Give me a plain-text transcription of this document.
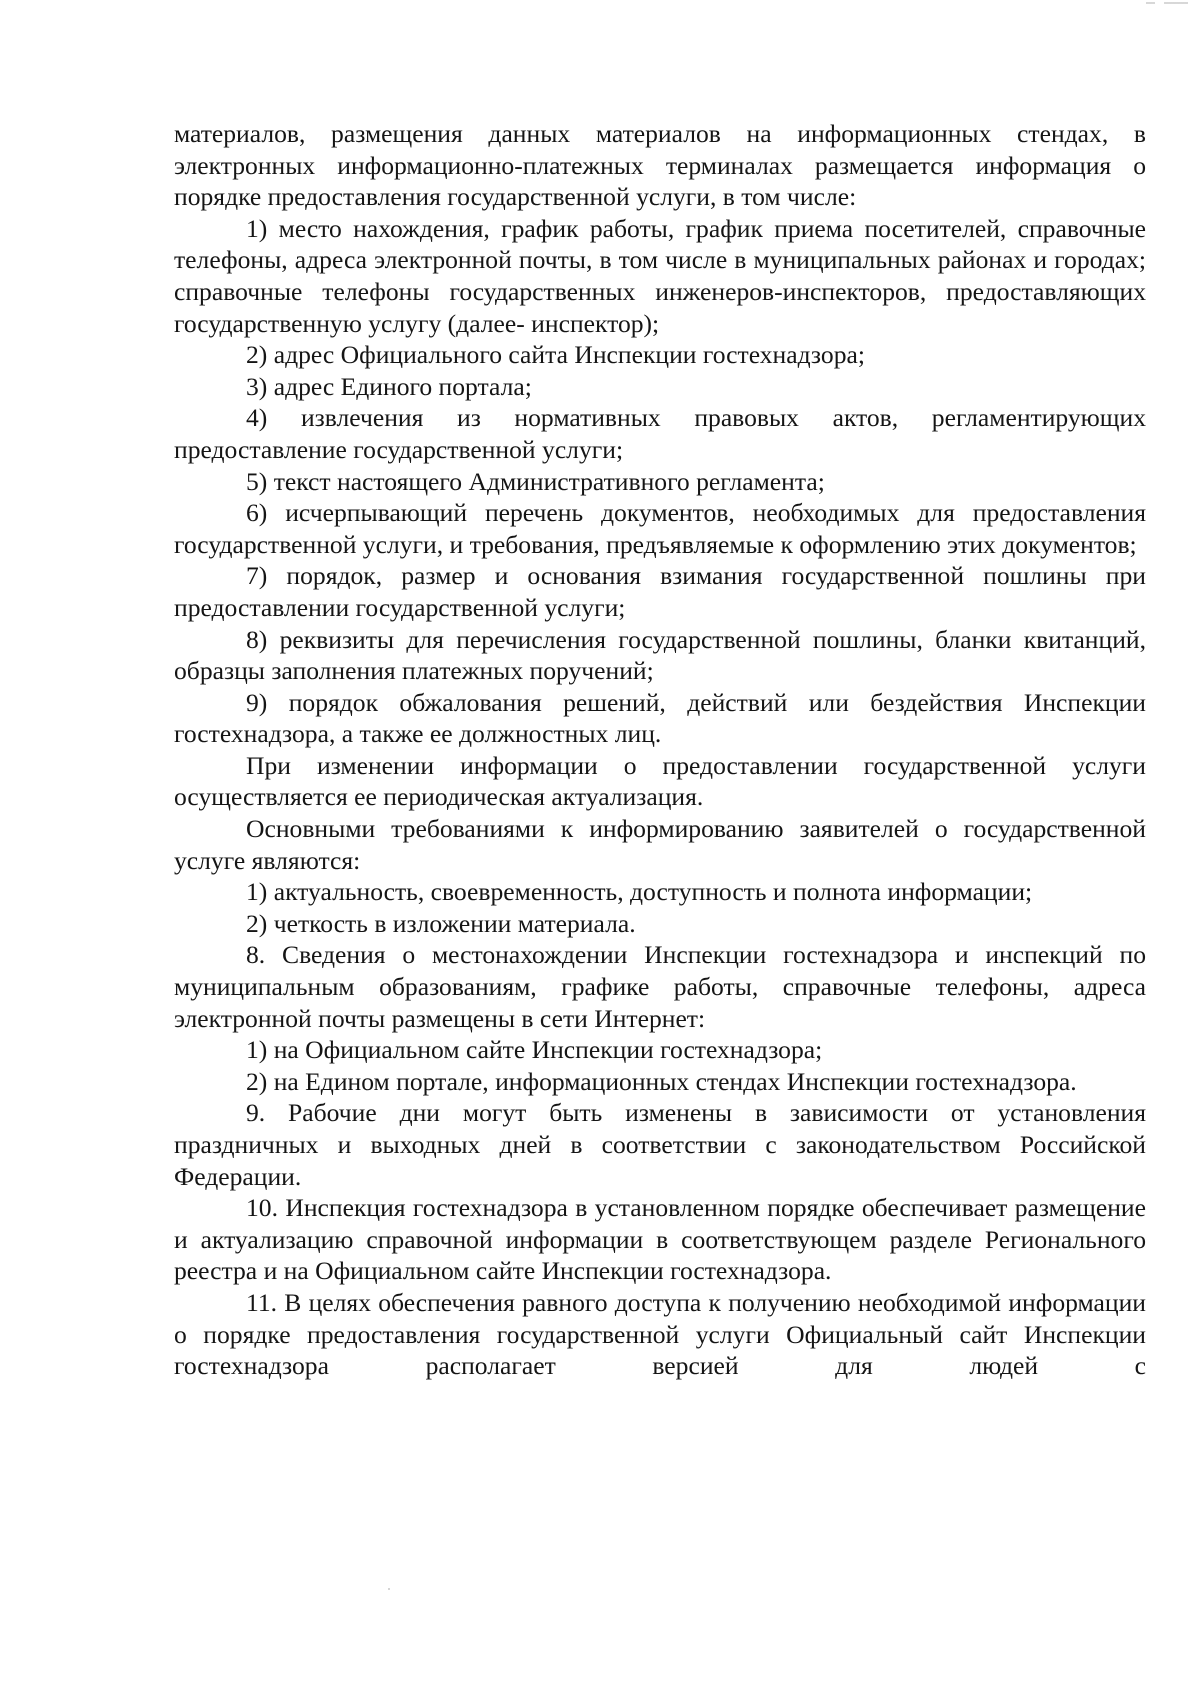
материалов, размещения данных материалов на информационных стендах, в электронных информационно-платежных терминалах размещается информация о порядке предоставления государственной услуги, в том числе:

1) место нахождения, график работы, график приема посетителей, справочные телефоны, адреса электронной почты, в том числе в муниципальных районах и городах; справочные телефоны государственных инженеров-инспекторов, предоставляющих государственную услугу (далее- инспектор);

2) адрес Официального сайта Инспекции гостехнадзора;

3) адрес Единого портала;

4) извлечения из нормативных правовых актов, регламентирующих предоставление государственной услуги;

5) текст настоящего Административного регламента;

6) исчерпывающий перечень документов, необходимых для предоставления государственной услуги, и требования, предъявляемые к оформлению этих документов;

7) порядок, размер и основания взимания государственной пошлины при предоставлении государственной услуги;

8) реквизиты для перечисления государственной пошлины, бланки квитанций, образцы заполнения платежных поручений;

9) порядок обжалования решений, действий или бездействия Инспекции гостехнадзора, а также ее должностных лиц.

При изменении информации о предоставлении государственной услуги осуществляется ее периодическая актуализация.

Основными требованиями к информированию заявителей о государственной услуге являются:

1) актуальность, своевременность, доступность и полнота информации;

2) четкость в изложении материала.

8. Сведения о местонахождении Инспекции гостехнадзора и инспекций по муниципальным образованиям, графике работы, справочные телефоны, адреса электронной почты размещены в сети Интернет:

1) на Официальном сайте Инспекции гостехнадзора;

2) на Едином портале, информационных стендах Инспекции гостехнадзора.

9. Рабочие дни могут быть изменены в зависимости от установления праздничных и выходных дней в соответствии с законодательством Российской Федерации.

10. Инспекция гостехнадзора в установленном порядке обеспечивает размещение и актуализацию справочной информации в соответствующем разделе Регионального реестра и на Официальном сайте Инспекции гостехнадзора.

11. В целях обеспечения равного доступа к получению необходимой информации о порядке предоставления государственной услуги Официальный сайт Инспекции гостехнадзора располагает версией для людей с
